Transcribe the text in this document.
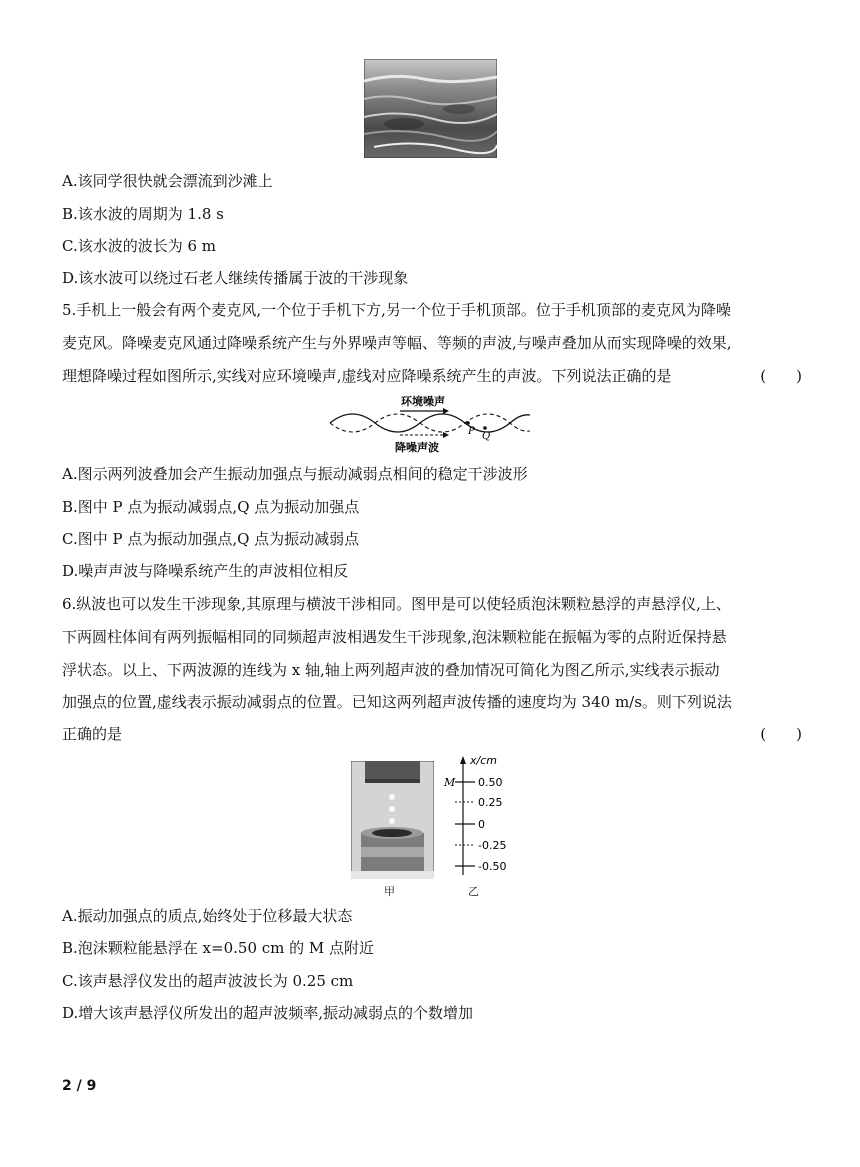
A.该同学很快就会漂流到沙滩上
B.该水波的周期为 1.8 s
C.该水波的波长为 6 m
D.该水波可以绕过石老人继续传播属于波的干涉现象
5.手机上一般会有两个麦克风,一个位于手机下方,另一个位于手机顶部。位于手机顶部的麦克风为降噪
麦克风。降噪麦克风通过降噪系统产生与外界噪声等幅、等频的声波,与噪声叠加从而实现降噪的效果,
理想降噪过程如图所示,实线对应环境噪声,虚线对应降噪系统产生的声波。下列说法正确的是	(　　)
环境噪声
降噪声波
P Q
A.图示两列波叠加会产生振动加强点与振动减弱点相间的稳定干涉波形
B.图中 P 点为振动减弱点,Q 点为振动加强点
C.图中 P 点为振动加强点,Q 点为振动减弱点
D.噪声声波与降噪系统产生的声波相位相反
6.纵波也可以发生干涉现象,其原理与横波干涉相同。图甲是可以使轻质泡沫颗粒悬浮的声悬浮仪,上、
下两圆柱体间有两列振幅相同的同频超声波相遇发生干涉现象,泡沫颗粒能在振幅为零的点附近保持悬
浮状态。以上、下两波源的连线为 x 轴,轴上两列超声波的叠加情况可简化为图乙所示,实线表示振动
加强点的位置,虚线表示振动减弱点的位置。已知这两列超声波传播的速度均为 340 m/s。则下列说法
正确的是	(　　)
甲
x/cm
M 0.50
0.25
0
-0.25
-0.50
乙
A.振动加强点的质点,始终处于位移最大状态
B.泡沫颗粒能悬浮在 x=0.50 cm 的 M 点附近
C.该声悬浮仪发出的超声波波长为 0.25 cm
D.增大该声悬浮仪所发出的超声波频率,振动减弱点的个数增加
2 / 9
